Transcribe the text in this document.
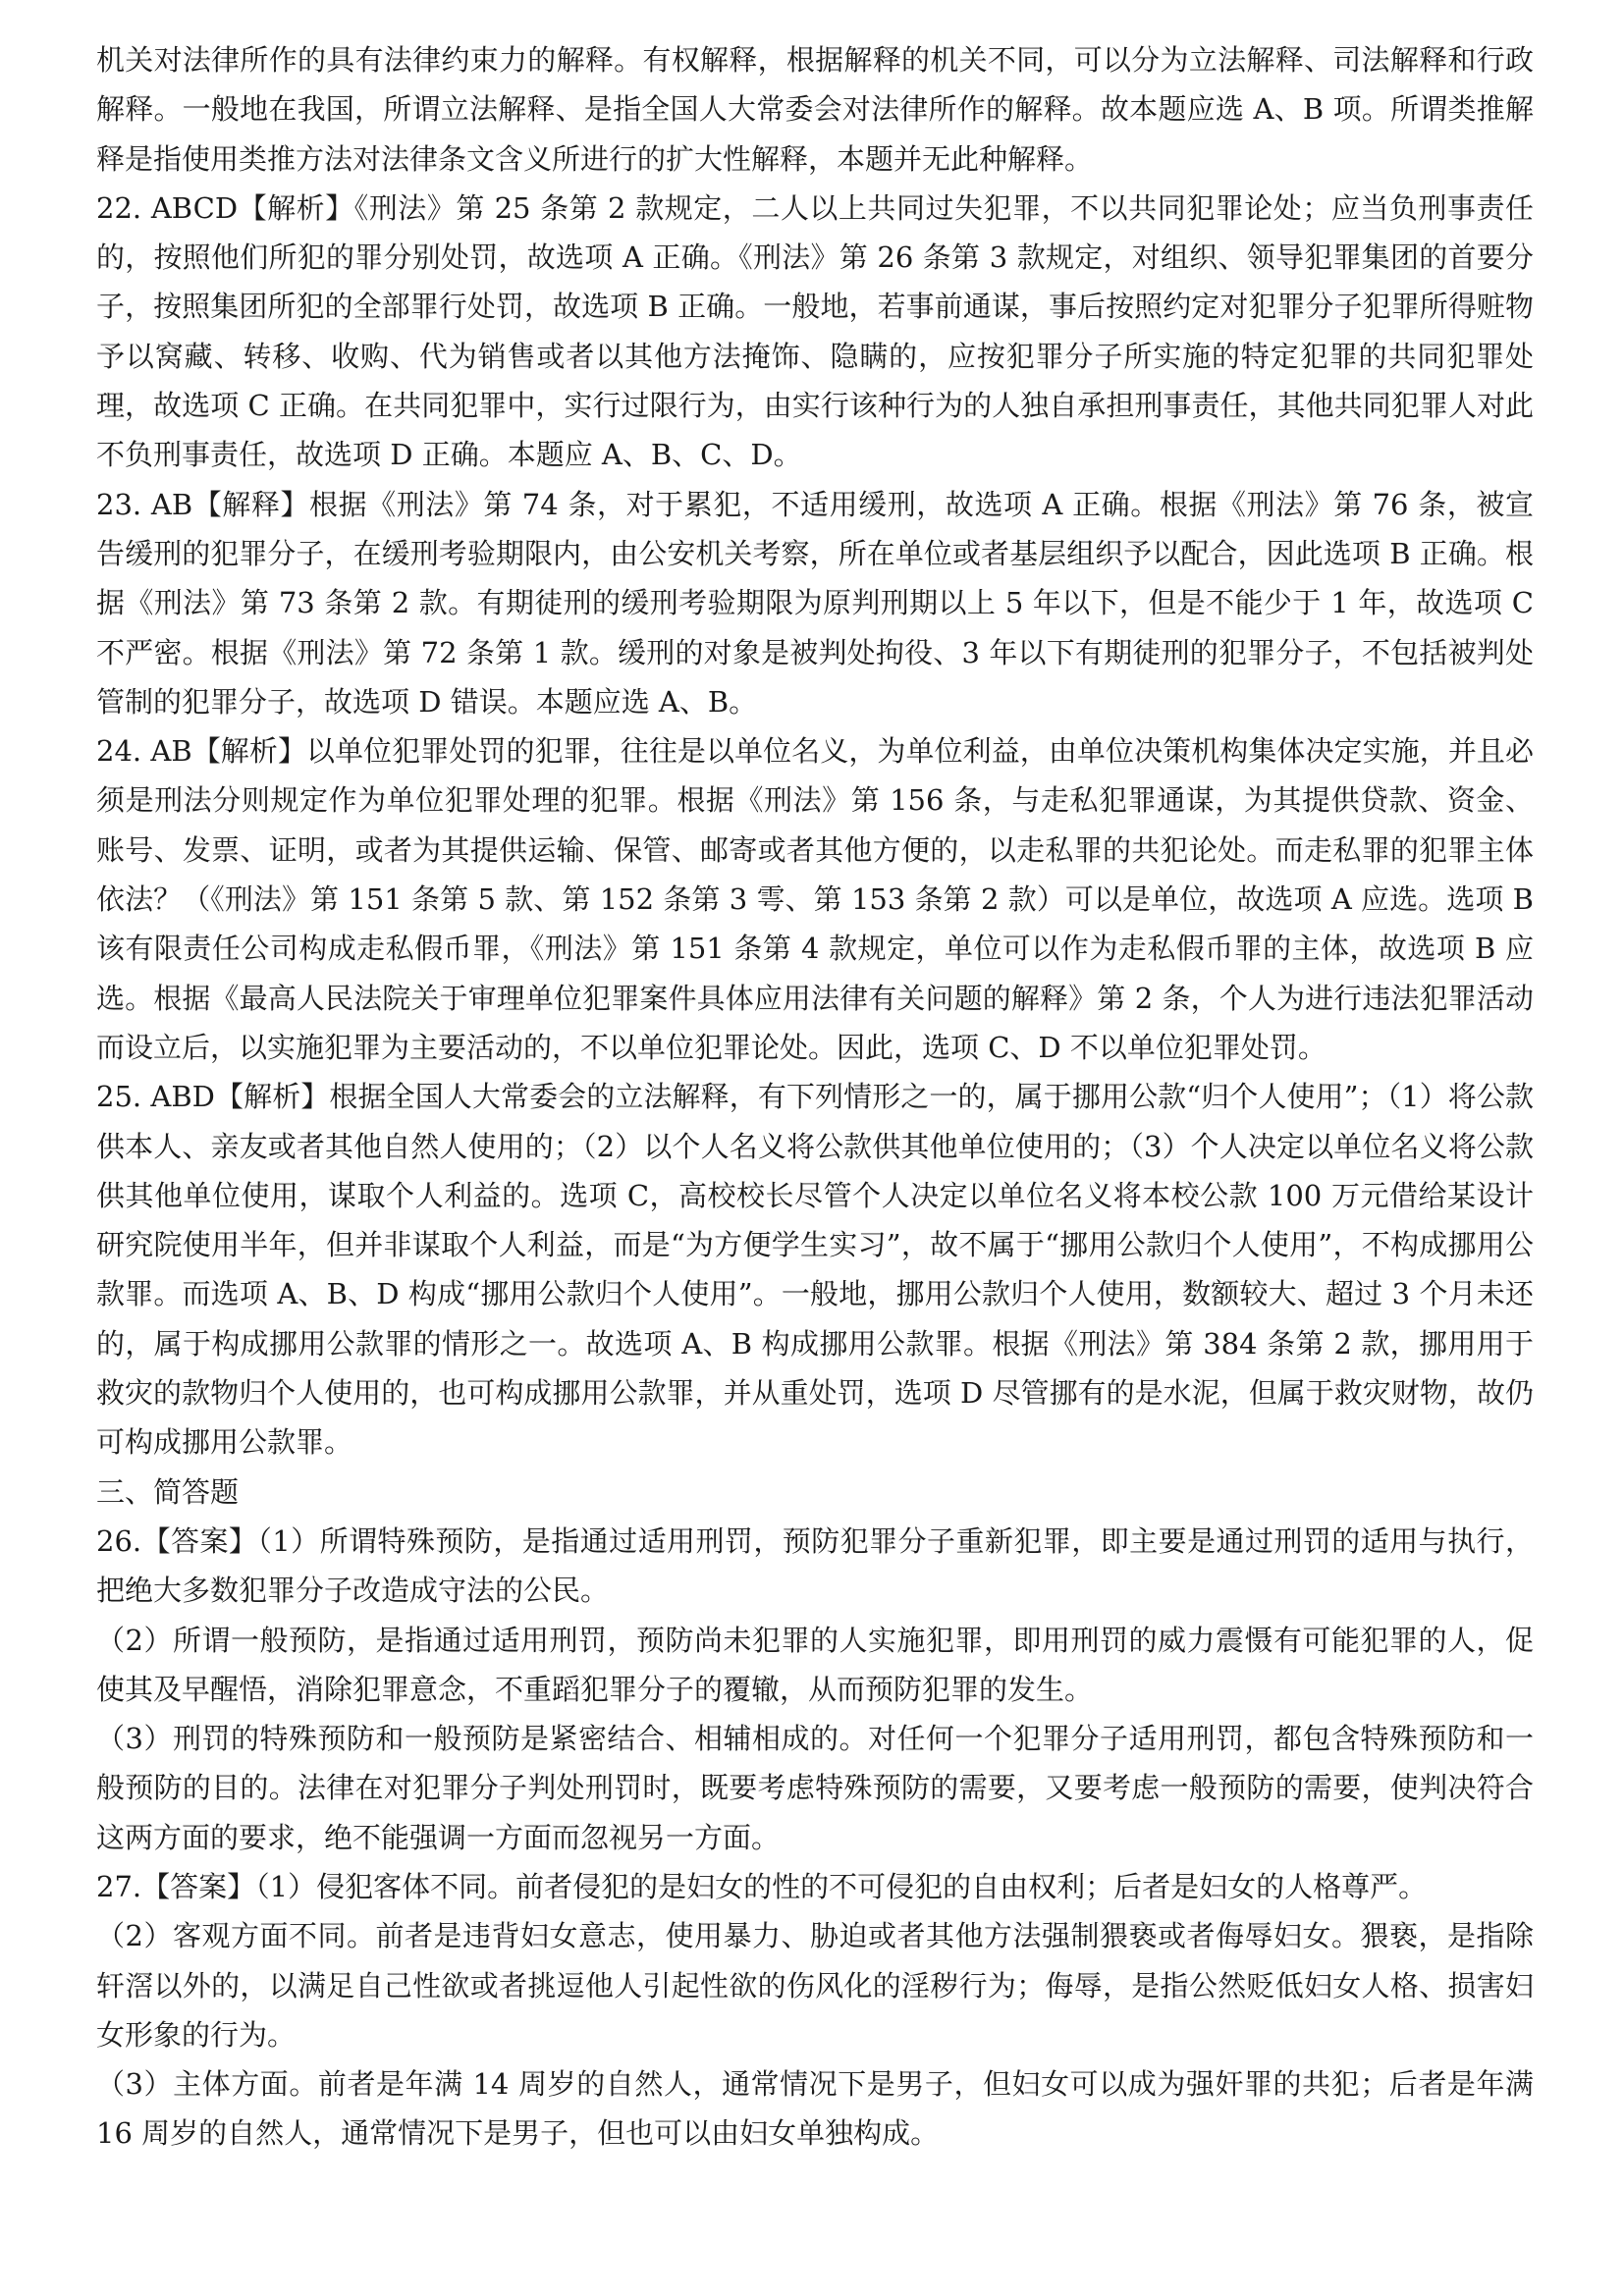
机关对法律所作的具有法律约束力的解释。有权解释，根据解释的机关不同，可以分为立法解释、司法解释和行政解释。一般地在我国，所谓立法解释、是指全国人大常委会对法律所作的解释。故本题应选 A、B 项。所谓类推解释是指使用类推方法对法律条文含义所进行的扩大性解释，本题并无此种解释。

22. ABCD【解析】《刑法》第 25 条第 2 款规定，二人以上共同过失犯罪，不以共同犯罪论处；应当负刑事责任的，按照他们所犯的罪分别处罚，故选项 A 正确。《刑法》第 26 条第 3 款规定，对组织、领导犯罪集团的首要分子，按照集团所犯的全部罪行处罚，故选项 B 正确。一般地，若事前通谋，事后按照约定对犯罪分子犯罪所得赃物予以窝藏、转移、收购、代为销售或者以其他方法掩饰、隐瞒的，应按犯罪分子所实施的特定犯罪的共同犯罪处理，故选项 C 正确。在共同犯罪中，实行过限行为，由实行该种行为的人独自承担刑事责任，其他共同犯罪人对此不负刑事责任，故选项 D 正确。本题应 A、B、C、D。

23. AB【解释】根据《刑法》第 74 条，对于累犯，不适用缓刑，故选项 A 正确。根据《刑法》第 76 条，被宣告缓刑的犯罪分子，在缓刑考验期限内，由公安机关考察，所在单位或者基层组织予以配合，因此选项 B 正确。根据《刑法》第 73 条第 2 款。有期徒刑的缓刑考验期限为原判刑期以上 5 年以下，但是不能少于 1 年，故选项 C 不严密。根据《刑法》第 72 条第 1 款。缓刑的对象是被判处拘役、3 年以下有期徒刑的犯罪分子，不包括被判处管制的犯罪分子，故选项 D 错误。本题应选 A、B。

24. AB【解析】以单位犯罪处罚的犯罪，往往是以单位名义，为单位利益，由单位决策机构集体决定实施，并且必须是刑法分则规定作为单位犯罪处理的犯罪。根据《刑法》第 156 条，与走私犯罪通谋，为其提供贷款、资金、账号、发票、证明，或者为其提供运输、保管、邮寄或者其他方便的，以走私罪的共犯论处。而走私罪的犯罪主体依法？（《刑法》第 151 条第 5 款、第 152 条第 3 雩、第 153 条第 2 款）可以是单位，故选项 A 应选。选项 B 该有限责任公司构成走私假币罪，《刑法》第 151 条第 4 款规定，单位可以作为走私假币罪的主体，故选项 B 应选。根据《最高人民法院关于审理单位犯罪案件具体应用法律有关问题的解释》第 2 条，个人为进行违法犯罪活动而设立后，以实施犯罪为主要活动的，不以单位犯罪论处。因此，选项 C、D 不以单位犯罪处罚。

25. ABD【解析】根据全国人大常委会的立法解释，有下列情形之一的，属于挪用公款“归个人使用”；（1）将公款供本人、亲友或者其他自然人使用的；（2）以个人名义将公款供其他单位使用的；（3）个人决定以单位名义将公款供其他单位使用，谋取个人利益的。选项 C，高校校长尽管个人决定以单位名义将本校公款 100 万元借给某设计研究院使用半年，但并非谋取个人利益，而是“为方便学生实习”，故不属于“挪用公款归个人使用”，不构成挪用公款罪。而选项 A、B、D 构成“挪用公款归个人使用”。一般地，挪用公款归个人使用，数额较大、超过 3 个月未还的，属于构成挪用公款罪的情形之一。故选项 A、B 构成挪用公款罪。根据《刑法》第 384 条第 2 款，挪用用于救灾的款物归个人使用的，也可构成挪用公款罪，并从重处罚，选项 D 尽管挪有的是水泥，但属于救灾财物，故仍可构成挪用公款罪。

三、简答题

26.【答案】（1）所谓特殊预防，是指通过适用刑罚，预防犯罪分子重新犯罪，即主要是通过刑罚的适用与执行，把绝大多数犯罪分子改造成守法的公民。

（2）所谓一般预防，是指通过适用刑罚，预防尚未犯罪的人实施犯罪，即用刑罚的威力震慑有可能犯罪的人，促使其及早醒悟，消除犯罪意念，不重蹈犯罪分子的覆辙，从而预防犯罪的发生。

（3）刑罚的特殊预防和一般预防是紧密结合、相辅相成的。对任何一个犯罪分子适用刑罚，都包含特殊预防和一般预防的目的。法律在对犯罪分子判处刑罚时，既要考虑特殊预防的需要，又要考虑一般预防的需要，使判决符合这两方面的要求，绝不能强调一方面而忽视另一方面。

27.【答案】（1）侵犯客体不同。前者侵犯的是妇女的性的不可侵犯的自由权利；后者是妇女的人格尊严。

（2）客观方面不同。前者是违背妇女意志，使用暴力、胁迫或者其他方法强制猥亵或者侮辱妇女。猥亵，是指除轩滘以外的，以满足自己性欲或者挑逗他人引起性欲的伤风化的淫秽行为；侮辱，是指公然贬低妇女人格、损害妇女形象的行为。

（3）主体方面。前者是年满 14 周岁的自然人，通常情况下是男子，但妇女可以成为强奸罪的共犯；后者是年满 16 周岁的自然人，通常情况下是男子，但也可以由妇女单独构成。
